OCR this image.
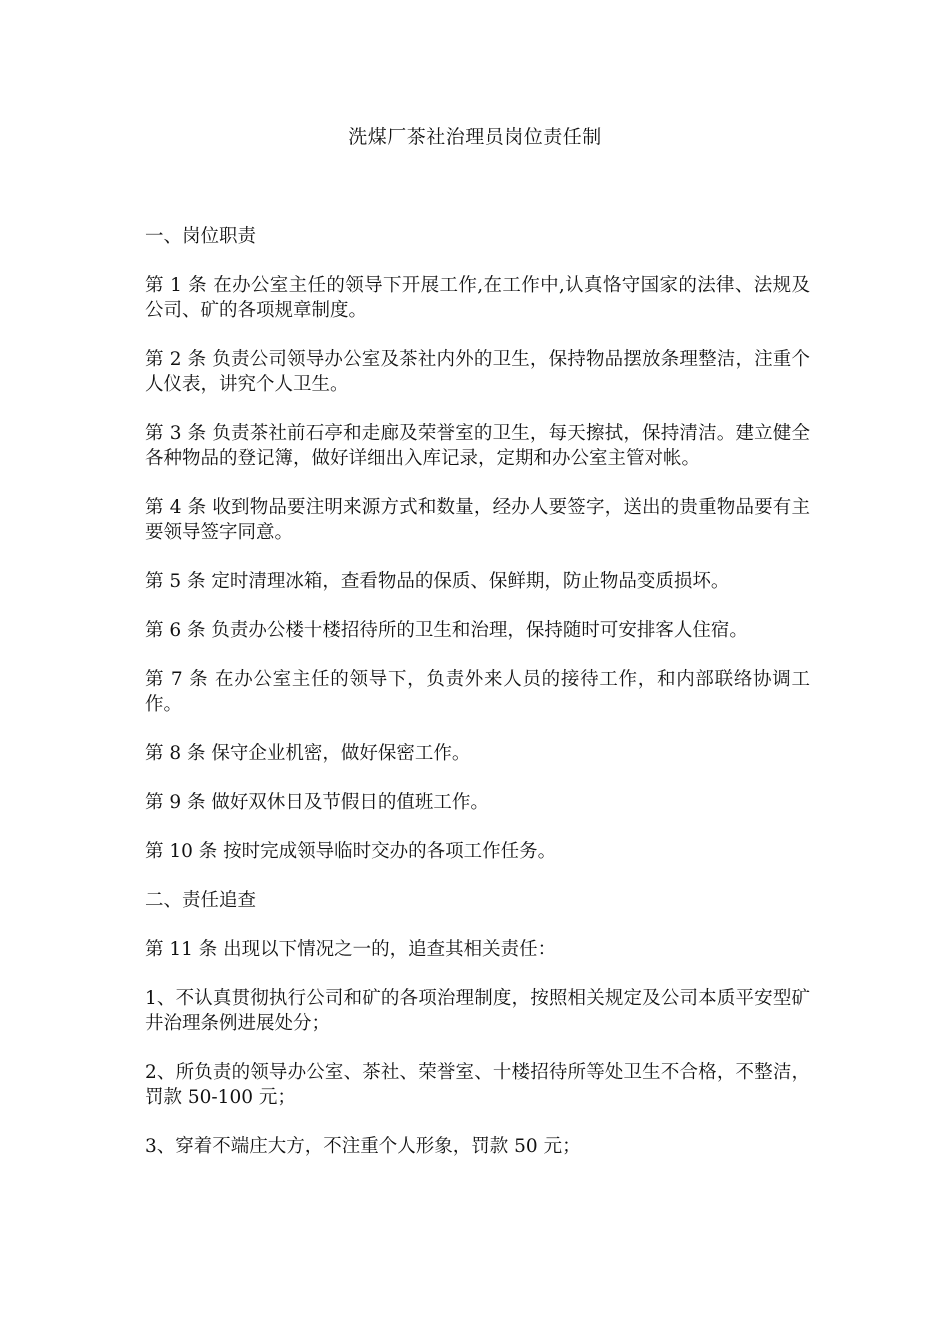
洗煤厂茶社治理员岗位责任制

一、岗位职责

第 1 条 在办公室主任的领导下开展工作,在工作中,认真恪守国家的法律、法规及公司、矿的各项规章制度。

第 2 条 负责公司领导办公室及茶社内外的卫生，保持物品摆放条理整洁，注重个人仪表，讲究个人卫生。

第 3 条 负责茶社前石亭和走廊及荣誉室的卫生，每天擦拭，保持清洁。建立健全各种物品的登记簿，做好详细出入库记录，定期和办公室主管对帐。

第 4 条 收到物品要注明来源方式和数量，经办人要签字，送出的贵重物品要有主要领导签字同意。

第 5 条 定时清理冰箱，查看物品的保质、保鲜期，防止物品变质损坏。

第 6 条 负责办公楼十楼招待所的卫生和治理，保持随时可安排客人住宿。

第 7 条 在办公室主任的领导下，负责外来人员的接待工作，和内部联络协调工作。

第 8 条 保守企业机密，做好保密工作。

第 9 条 做好双休日及节假日的值班工作。

第 10 条 按时完成领导临时交办的各项工作任务。

二、责任追查

第 11 条 出现以下情况之一的，追查其相关责任：

1、不认真贯彻执行公司和矿的各项治理制度，按照相关规定及公司本质平安型矿井治理条例进展处分；

2、所负责的领导办公室、茶社、荣誉室、十楼招待所等处卫生不合格，不整洁，罚款 50-100 元；

3、穿着不端庄大方，不注重个人形象，罚款 50 元；
